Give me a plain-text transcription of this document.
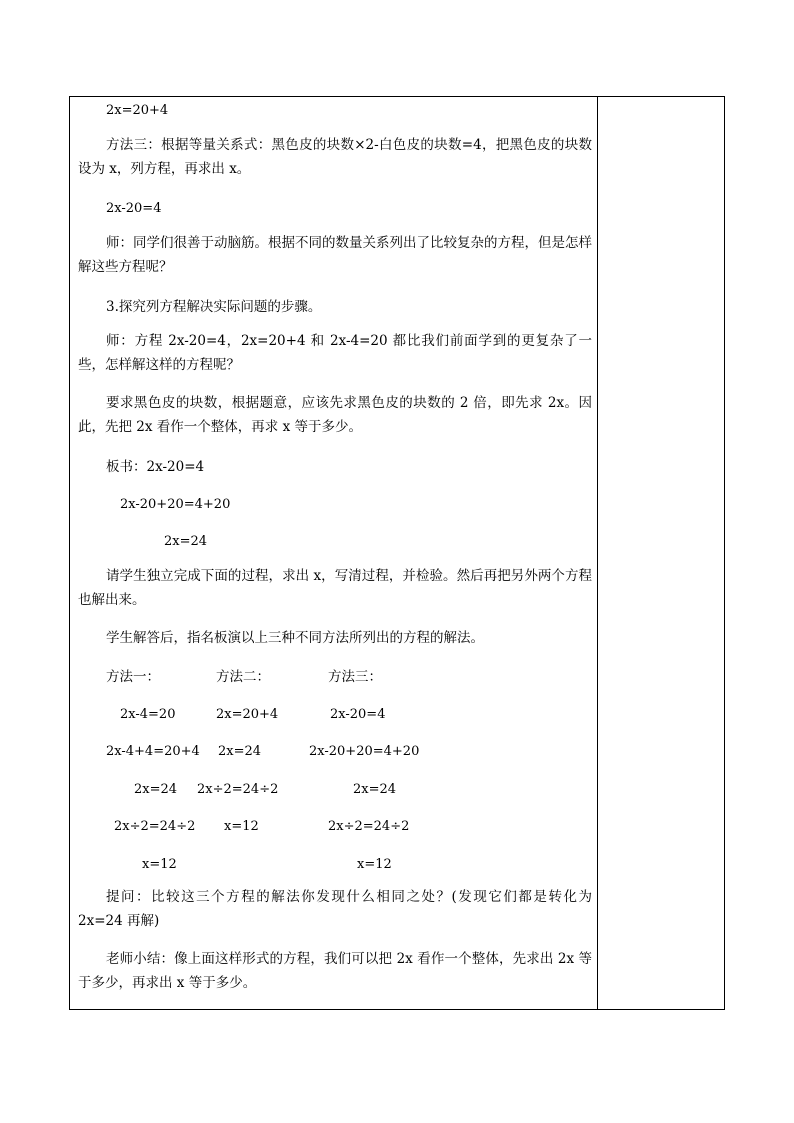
2x=20+4
方法三：根据等量关系式：黑色皮的块数×2-白色皮的块数=4，把黑色皮的块数设为 x，列方程，再求出 x。
2x-20=4
师：同学们很善于动脑筋。根据不同的数量关系列出了比较复杂的方程，但是怎样解这些方程呢？
3.探究列方程解决实际问题的步骤。
师：方程 2x-20=4，2x=20+4 和 2x-4=20 都比我们前面学到的更复杂了一些，怎样解这样的方程呢？
要求黑色皮的块数，根据题意，应该先求黑色皮的块数的 2 倍，即先求 2x。因此，先把 2x 看作一个整体，再求 x 等于多少。
板书：2x-20=4
2x-20+20=4+20
2x=24
请学生独立完成下面的过程，求出 x，写清过程，并检验。然后再把另外两个方程也解出来。
学生解答后，指名板演以上三种不同方法所列出的方程的解法。
方法一：	方法二：	方法三：
2x-4=20
2x-4+4=20+4
2x=24
2x÷2=24÷2
x=12
2x=20+4
2x=24
2x÷2=24÷2
x=12
2x-20=4
2x-20+20=4+20
2x=24
2x÷2=24÷2
x=12
提问：比较这三个方程的解法你发现什么相同之处？(发现它们都是转化为 2x=24 再解)
老师小结：像上面这样形式的方程，我们可以把 2x 看作一个整体，先求出 2x 等于多少，再求出 x 等于多少。
